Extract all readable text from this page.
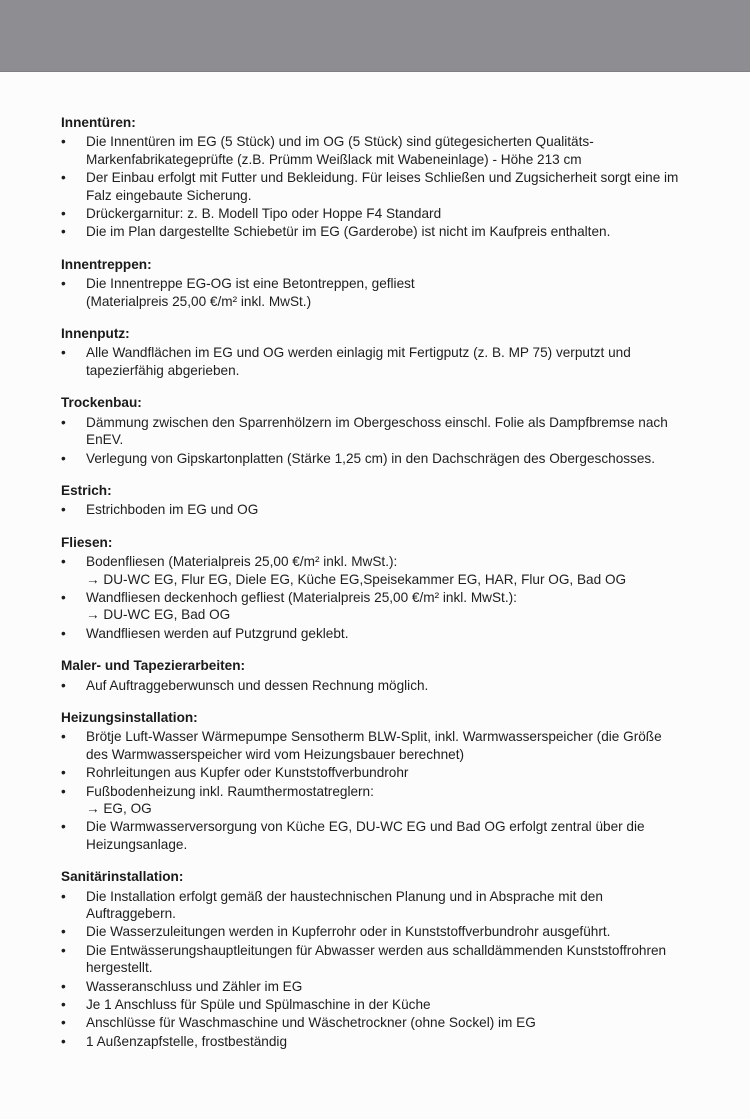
Innentüren:
•	Die Innentüren im EG (5 Stück) und im OG (5 Stück) sind gütegesicherten Qualitäts-
Markenfabrikategeprüfte (z.B. Prümm Weißlack mit Wabeneinlage) - Höhe 213 cm
•	Der Einbau erfolgt mit Futter und Bekleidung. Für leises Schließen und Zugsicherheit sorgt eine im
Falz eingebaute Sicherung.
•	Drückergarnitur: z. B. Modell Tipo oder Hoppe F4 Standard
•	Die im Plan dargestellte Schiebetür im EG (Garderobe) ist nicht im Kaufpreis enthalten.
Innentreppen:
•	Die Innentreppe EG-OG ist eine Betontreppen, gefliest
(Materialpreis 25,00 €/m² inkl. MwSt.)
Innenputz:
•	Alle Wandflächen im EG und OG werden einlagig mit Fertigputz (z. B. MP 75) verputzt und
tapezierfähig abgerieben.
Trockenbau:
•	Dämmung zwischen den Sparrenhölzern im Obergeschoss einschl. Folie als Dampfbremse nach
EnEV.
•	Verlegung von Gipskartonplatten (Stärke 1,25 cm) in den Dachschrägen des Obergeschosses.
Estrich:
•	Estrichboden im EG und OG
Fliesen:
•	Bodenfliesen (Materialpreis 25,00 €/m² inkl. MwSt.):
→ DU-WC EG, Flur EG, Diele EG, Küche EG,Speisekammer EG, HAR, Flur OG, Bad OG
•	Wandfliesen deckenhoch gefliest (Materialpreis 25,00 €/m² inkl. MwSt.):
→ DU-WC EG, Bad OG
•	Wandfliesen werden auf Putzgrund geklebt.
Maler- und Tapezierarbeiten:
•	Auf Auftraggeberwunsch und dessen Rechnung möglich.
Heizungsinstallation:
•	Brötje Luft-Wasser Wärmepumpe Sensotherm BLW-Split, inkl. Warmwasserspeicher (die Größe
des Warmwasserspeicher wird vom Heizungsbauer berechnet)
•	Rohrleitungen aus Kupfer oder Kunststoffverbundrohr
•	Fußbodenheizung inkl. Raumthermostatreglern:
→ EG, OG
•	Die Warmwasserversorgung von Küche EG, DU-WC EG und Bad OG erfolgt zentral über die
Heizungsanlage.
Sanitärinstallation:
•	Die Installation erfolgt gemäß der haustechnischen Planung und in Absprache mit den
Auftraggebern.
•	Die Wasserzuleitungen werden in Kupferrohr oder in Kunststoffverbundrohr ausgeführt.
•	Die Entwässerungshauptleitungen für Abwasser werden aus schalldämmenden Kunststoffrohren
hergestellt.
•	Wasseranschluss und Zähler im EG
•	Je 1 Anschluss für Spüle und Spülmaschine in der Küche
•	Anschlüsse für Waschmaschine und Wäschetrockner (ohne Sockel) im EG
•	1 Außenzapfstelle, frostbeständig
